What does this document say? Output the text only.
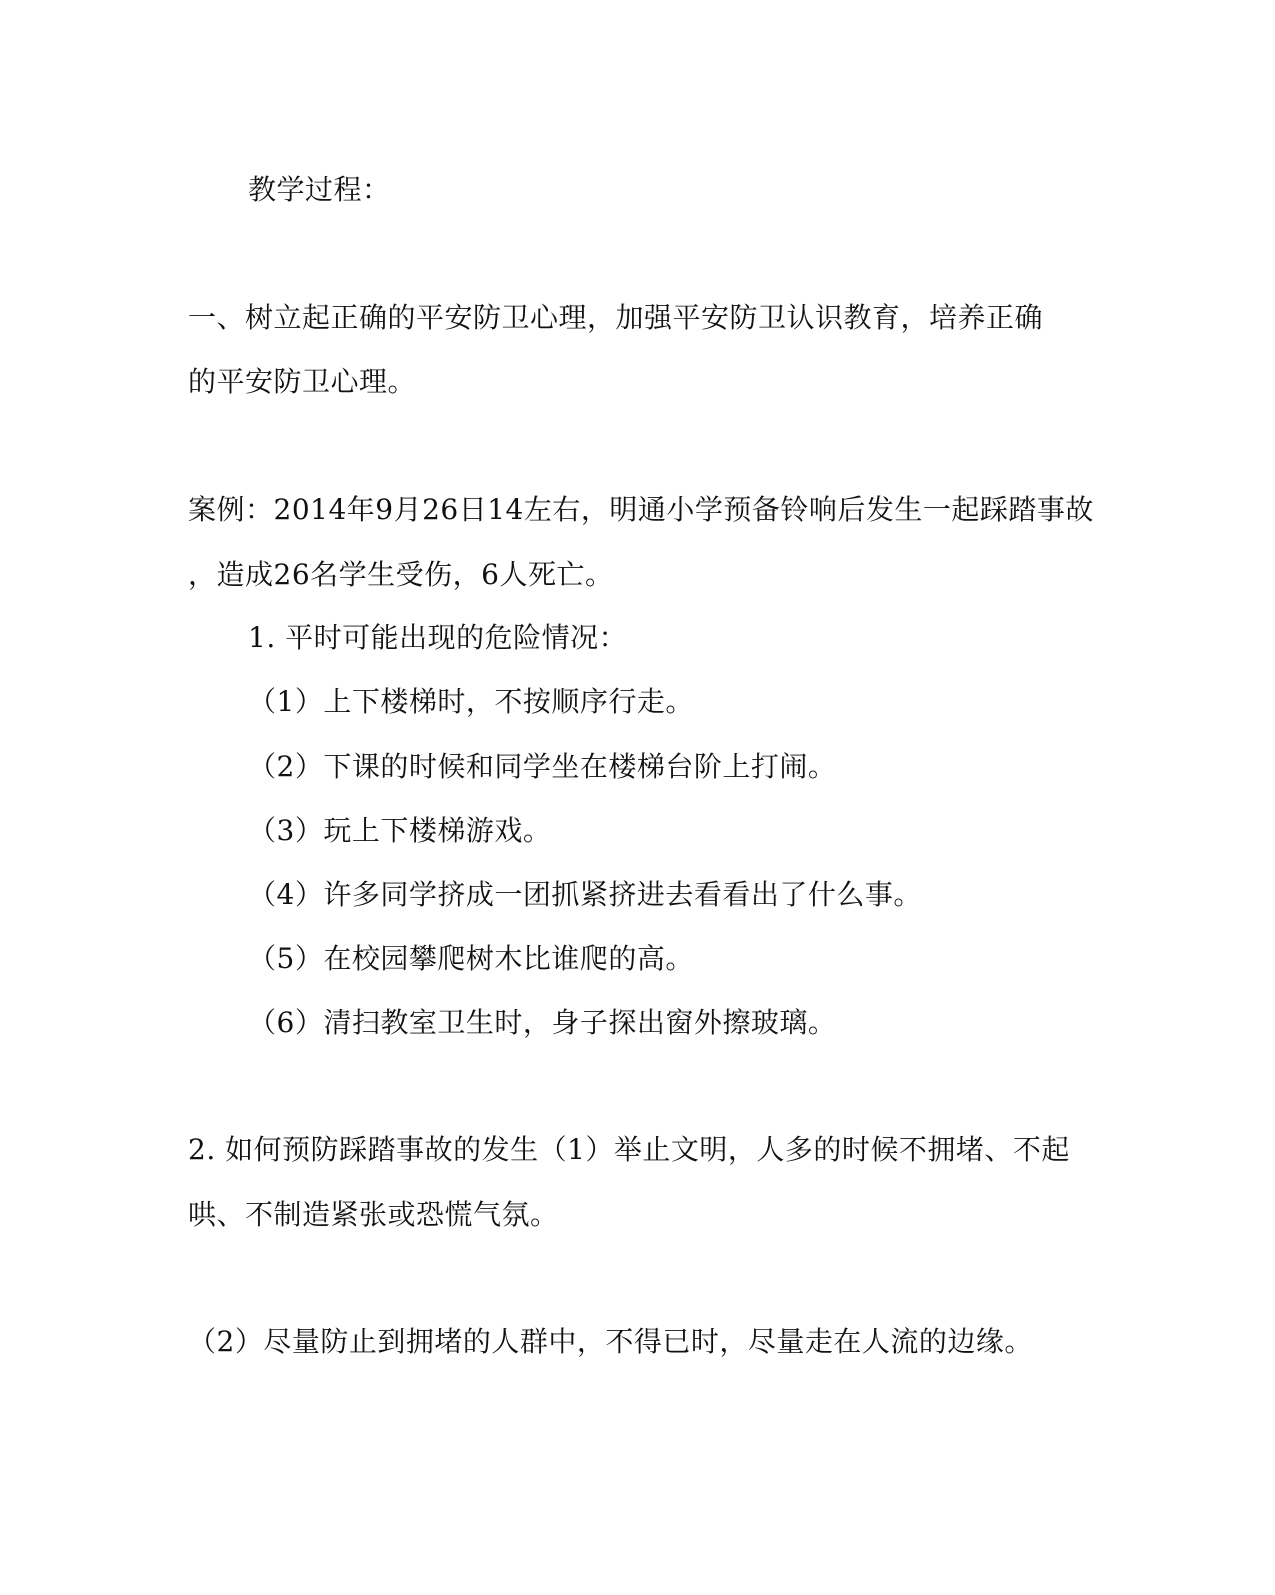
教学过程：
一、树立起正确的平安防卫心理，加强平安防卫认识教育，培养正确
的平安防卫心理。
案例：2014年9月26日14左右，明通小学预备铃响后发生一起踩踏事故
，造成26名学生受伤，6人死亡。
1. 平时可能出现的危险情况：
（1）上下楼梯时，不按顺序行走。
（2）下课的时候和同学坐在楼梯台阶上打闹。
（3）玩上下楼梯游戏。
（4）许多同学挤成一团抓紧挤进去看看出了什么事。
（5）在校园攀爬树木比谁爬的高。
（6）清扫教室卫生时，身子探出窗外擦玻璃。
2. 如何预防踩踏事故的发生（1）举止文明，人多的时候不拥堵、不起
哄、不制造紧张或恐慌气氛。
（2）尽量防止到拥堵的人群中，不得已时，尽量走在人流的边缘。
